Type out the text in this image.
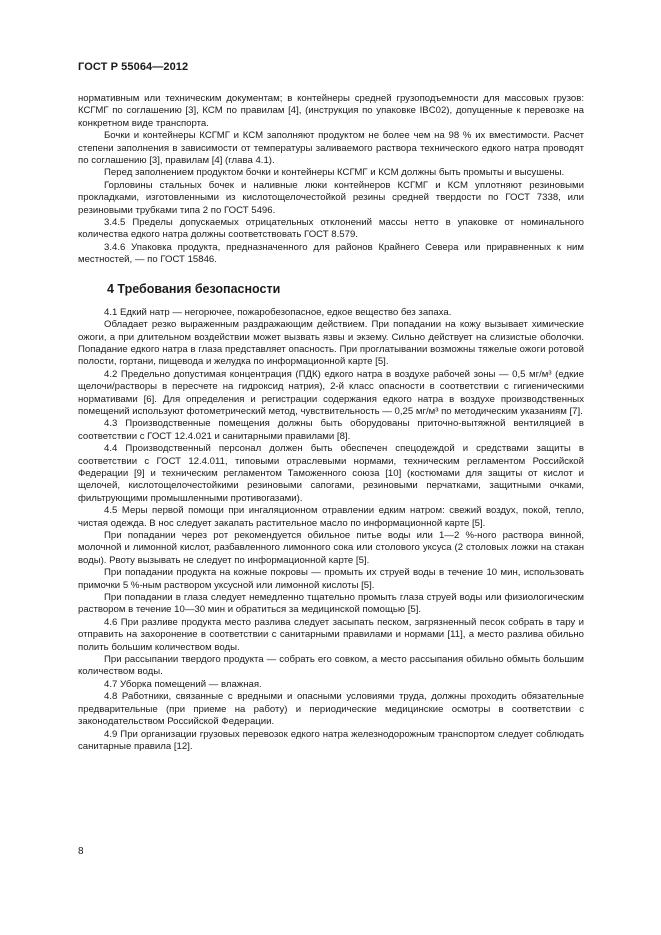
ГОСТ Р 55064—2012

нормативным или техническим документам; в контейнеры средней грузоподъемности для массовых грузов: КСГМГ по соглашению [3], КСМ по правилам [4], (инструкция по упаковке IBC02), допущенные к перевозке на конкретном виде транспорта.

Бочки и контейнеры КСГМГ и КСМ заполняют продуктом не более чем на 98 % их вместимости. Расчет степени заполнения в зависимости от температуры заливаемого раствора технического едкого натра проводят по соглашению [3], правилам [4] (глава 4.1).

Перед заполнением продуктом бочки и контейнеры КСГМГ и КСМ должны быть промыты и высушены.

Горловины стальных бочек и наливные люки контейнеров КСГМГ и КСМ уплотняют резиновыми прокладками, изготовленными из кислотощелочестойкой резины средней твердости по ГОСТ 7338, или резиновыми трубками типа 2 по ГОСТ 5496.

3.4.5 Пределы допускаемых отрицательных отклонений массы нетто в упаковке от номинального количества едкого натра должны соответствовать ГОСТ 8.579.

3.4.6 Упаковка продукта, предназначенного для районов Крайнего Севера или приравненных к ним местностей, — по ГОСТ 15846.

4 Требования безопасности

4.1 Едкий натр — негорючее, пожаробезопасное, едкое вещество без запаха.

Обладает резко выраженным раздражающим действием. При попадании на кожу вызывает химические ожоги, а при длительном воздействии может вызвать язвы и экзему. Сильно действует на слизистые оболочки. Попадание едкого натра в глаза представляет опасность. При проглатывании возможны тяжелые ожоги ротовой полости, гортани, пищевода и желудка по информационной карте [5].

4.2 Предельно допустимая концентрация (ПДК) едкого натра в воздухе рабочей зоны — 0,5 мг/м³ (едкие щелочи/растворы в пересчете на гидроксид натрия), 2-й класс опасности в соответствии с гигиеническими нормативами [6]. Для определения и регистрации содержания едкого натра в воздухе производственных помещений используют фотометрический метод, чувствительность — 0,25 мг/м³ по методическим указаниям [7].

4.3 Производственные помещения должны быть оборудованы приточно-вытяжной вентиляцией в соответствии с ГОСТ 12.4.021 и санитарными правилами [8].

4.4 Производственный персонал должен быть обеспечен спецодеждой и средствами защиты в соответствии с ГОСТ 12.4.011, типовыми отраслевыми нормами, техническим регламентом Российской Федерации [9] и техническим регламентом Таможенного союза [10] (костюмами для защиты от кислот и щелочей, кислотощелочестойкими резиновыми сапогами, резиновыми перчатками, защитными очками, фильтрующими промышленными противогазами).

4.5 Меры первой помощи при ингаляционном отравлении едким натром: свежий воздух, покой, тепло, чистая одежда. В нос следует закапать растительное масло по информационной карте [5].

При попадании через рот рекомендуется обильное питье воды или 1—2 %-ного раствора винной, молочной и лимонной кислот, разбавленного лимонного сока или столового уксуса (2 столовых ложки на стакан воды). Рвоту вызывать не следует по информационной карте [5].

При попадании продукта на кожные покровы — промыть их струей воды в течение 10 мин, использовать примочки 5 %-ным раствором уксусной или лимонной кислоты [5].

При попадании в глаза следует немедленно тщательно промыть глаза струей воды или физиологическим раствором в течение 10—30 мин и обратиться за медицинской помощью [5].

4.6 При разливе продукта место разлива следует засыпать песком, загрязненный песок собрать в тару и отправить на захоронение в соответствии с санитарными правилами и нормами [11], а место разлива обильно полить большим количеством воды.

При рассыпании твердого продукта — собрать его совком, а место рассыпания обильно обмыть большим количеством воды.

4.7 Уборка помещений — влажная.

4.8 Работники, связанные с вредными и опасными условиями труда, должны проходить обязательные предварительные (при приеме на работу) и периодические медицинские осмотры в соответствии с законодательством Российской Федерации.

4.9 При организации грузовых перевозок едкого натра железнодорожным транспортом следует соблюдать санитарные правила [12].

8
